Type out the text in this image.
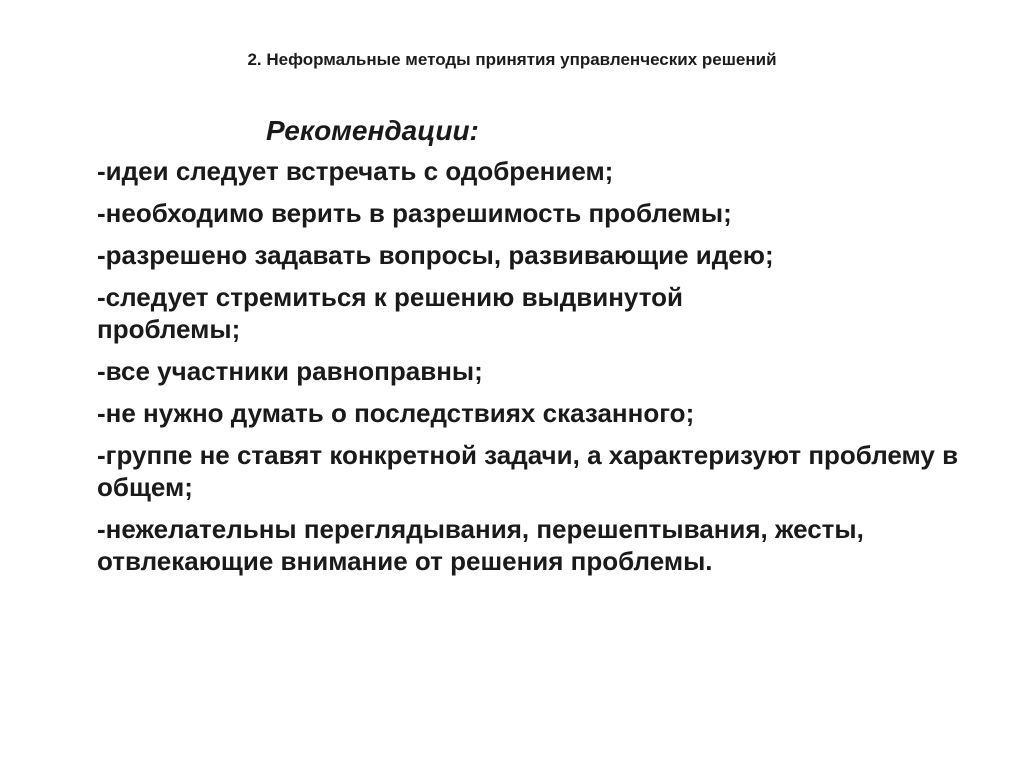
2. Неформальные методы принятия управленческих решений
Рекомендации:
-идеи следует встречать с одобрением;
-необходимо верить в разрешимость проблемы;
-разрешено задавать вопросы, развивающие идею;
-следует стремиться к решению выдвинутой проблемы;
-все участники равноправны;
-не нужно думать о последствиях сказанного;
-группе не ставят конкретной задачи, а характеризуют проблему в общем;
-нежелательны переглядывания, перешептывания, жесты, отвлекающие внимание от решения проблемы.
